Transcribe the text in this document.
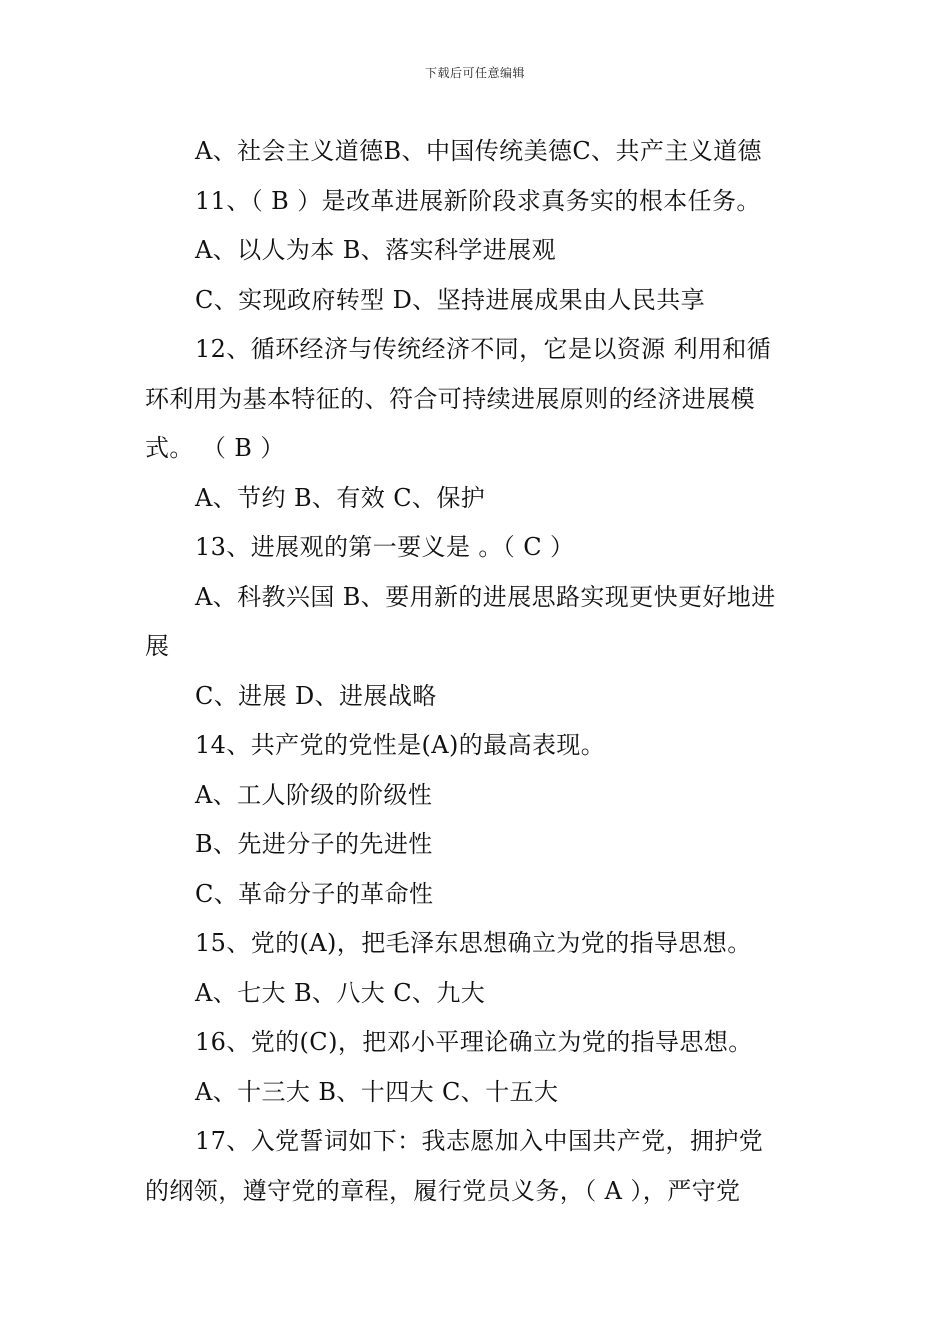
下载后可任意编辑
A、社会主义道德B、中国传统美德C、共产主义道德
11、（ B ）是改革进展新阶段求真务实的根本任务。
A、以人为本 B、落实科学进展观
C、实现政府转型 D、坚持进展成果由人民共享
12、循环经济与传统经济不同，它是以资源 利用和循
环利用为基本特征的、符合可持续进展原则的经济进展模
式。 （ B ）
A、节约 B、有效 C、保护
13、进展观的第一要义是 。（ C ）
A、科教兴国 B、要用新的进展思路实现更快更好地进
展
C、进展 D、进展战略
14、共产党的党性是(A)的最高表现。
A、工人阶级的阶级性
B、先进分子的先进性
C、革命分子的革命性
15、党的(A)，把毛泽东思想确立为党的指导思想。
A、七大 B、八大 C、九大
16、党的(C)，把邓小平理论确立为党的指导思想。
A、十三大 B、十四大 C、十五大
17、入党誓词如下：我志愿加入中国共产党，拥护党
的纲领，遵守党的章程，履行党员义务，（ A ），严守党
